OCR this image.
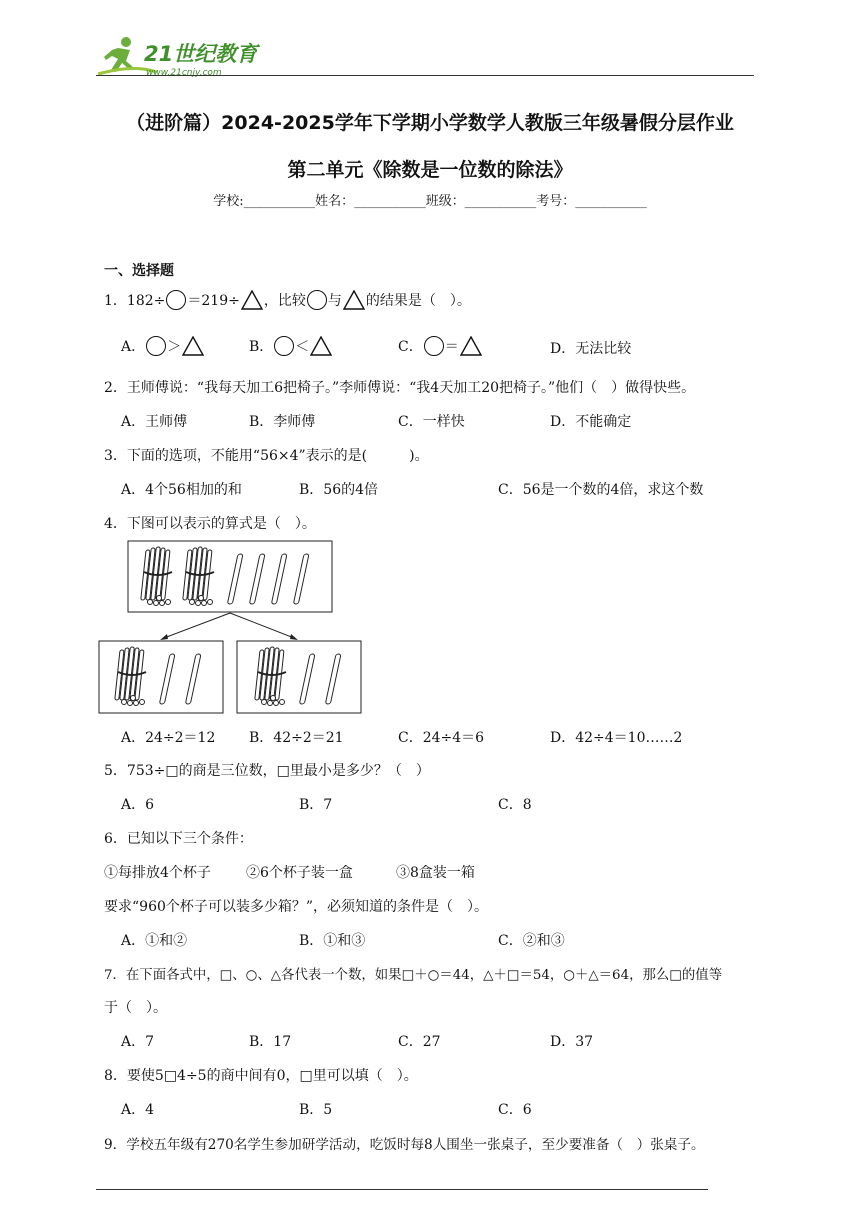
21世纪教育
www.21cnjy.com
（进阶篇）2024-2025学年下学期小学数学人教版三年级暑假分层作业
第二单元《除数是一位数的除法》
学校:___________姓名：___________班级：___________考号：___________
一、选择题
1．182÷ ＝219÷ ，比较 与 的结果是（　）。
A． ＞	B． ＜	C． ＝	D．无法比较
2．王师傅说：“我每天加工6把椅子。”李师傅说：“我4天加工20把椅子。”他们（　）做得快些。
A．王师傅	B．李师傅	C．一样快	D．不能确定
3．下面的选项，不能用“56×4”表示的是(　　　)。
A．4个56相加的和	B．56的4倍	C．56是一个数的4倍，求这个数
4．下图可以表示的算式是（　）。
A．24÷2＝12 B．42÷2＝21	C．24÷4＝6	D．42÷4＝10……2
5．753÷□的商是三位数，□里最小是多少？（　）
A．6	B．7	C．8
6．已知以下三个条件：
①每排放4个杯子	②6个杯子装一盒	③8盒装一箱
要求“960个杯子可以装多少箱？”，必须知道的条件是（　）。
A．①和②	B．①和③	C．②和③
7．在下面各式中，□、○、△各代表一个数，如果□＋○＝44，△＋□＝54，○＋△＝64，那么□的值等
于（　）。
A．7	B．17	C．27	D．37
8．要使5□4÷5的商中间有0，□里可以填（　）。
A．4	B．5	C．6
9．学校五年级有270名学生参加研学活动，吃饭时每8人围坐一张桌子，至少要准备（　）张桌子。
